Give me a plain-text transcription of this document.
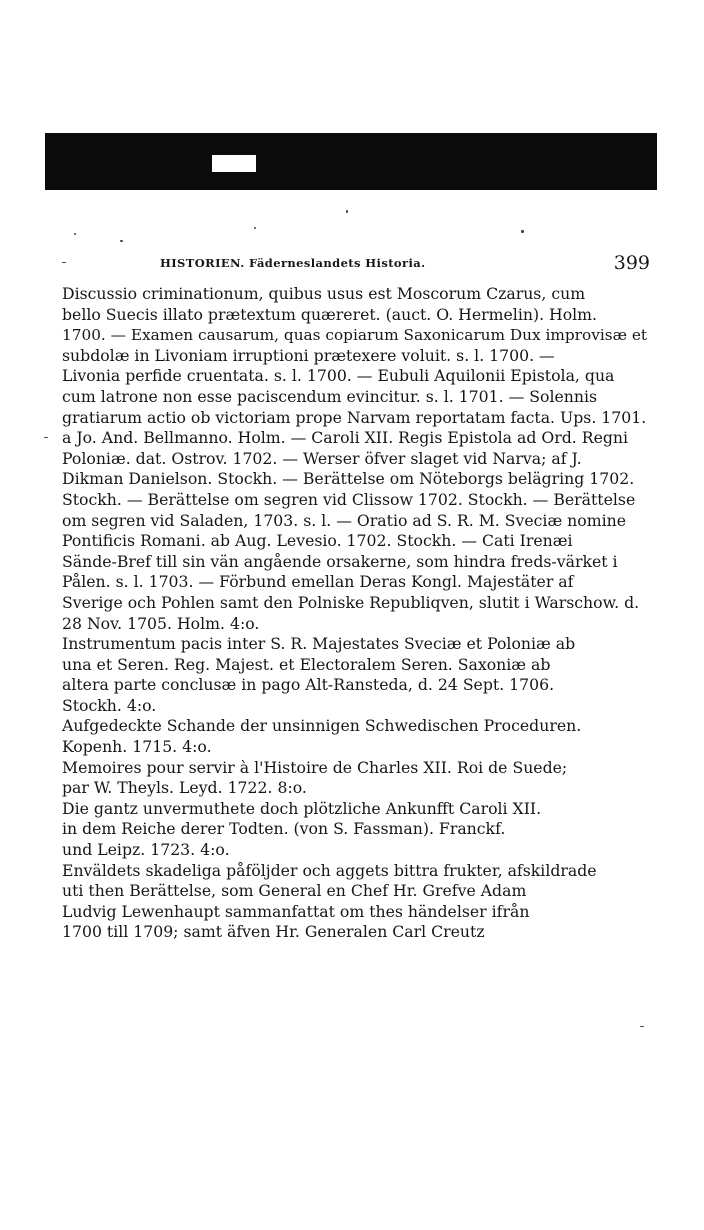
HISTORIEN. Fäderneslandets Historia.	399
Discussio criminationum, quibus usus est Moscorum Czarus, cum
bello Suecis illato prætextum quæreret. (auct. O. Hermelin). Holm.
1700. — Examen causarum, quas copiarum Saxonicarum Dux improvisæ et
subdolæ in Livoniam irruptioni prætexere voluit. s. l. 1700. —
Livonia perfide cruentata. s. l. 1700. — Eubuli Aquilonii Epistola, qua
cum latrone non esse paciscendum evincitur. s. l. 1701. — Solennis
gratiarum actio ob victoriam prope Narvam reportatam facta. Ups. 1701.
a Jo. And. Bellmanno. Holm. — Caroli XII. Regis Epistola ad Ord. Regni
Poloniæ. dat. Ostrov. 1702. — Werser öfver slaget vid Narva; af J.
Dikman Danielson. Stockh. — Berättelse om Nöteborgs belägring 1702.
Stockh. — Berättelse om segren vid Clissow 1702. Stockh. — Berättelse
om segren vid Saladen, 1703. s. l. — Oratio ad S. R. M. Sveciæ nomine
Pontificis Romani. ab Aug. Levesio. 1702. Stockh. — Cati Irenæi
Sände-Bref till sin vän angående orsakerne, som hindra freds-värket i
Pålen. s. l. 1703. — Förbund emellan Deras Kongl. Majestäter af
Sverige och Pohlen samt den Polniske Republiqven, slutit i Warschow. d.
28 Nov. 1705. Holm. 4:o.
Instrumentum pacis inter S. R. Majestates Sveciæ et Poloniæ ab
una et Seren. Reg. Majest. et Electoralem Seren. Saxoniæ ab
altera parte conclusæ in pago Alt-Ransteda, d. 24 Sept. 1706.
Stockh. 4:o.
Aufgedeckte Schande der unsinnigen Schwedischen Proceduren.
Kopenh. 1715. 4:o.
Memoires pour servir à l'Histoire de Charles XII. Roi de Suede;
par W. Theyls. Leyd. 1722. 8:o.
Die gantz unvermuthete doch plötzliche Ankunfft Caroli XII.
in dem Reiche derer Todten. (von S. Fassman). Franckf.
und Leipz. 1723. 4:o.
Enväldets skadeliga påföljder och aggets bittra frukter, afskildrade
uti then Berättelse, som General en Chef Hr. Grefve Adam
Ludvig Lewenhaupt sammanfattat om thes händelser ifrån
1700 till 1709; samt äfven Hr. Generalen Carl Creutz
